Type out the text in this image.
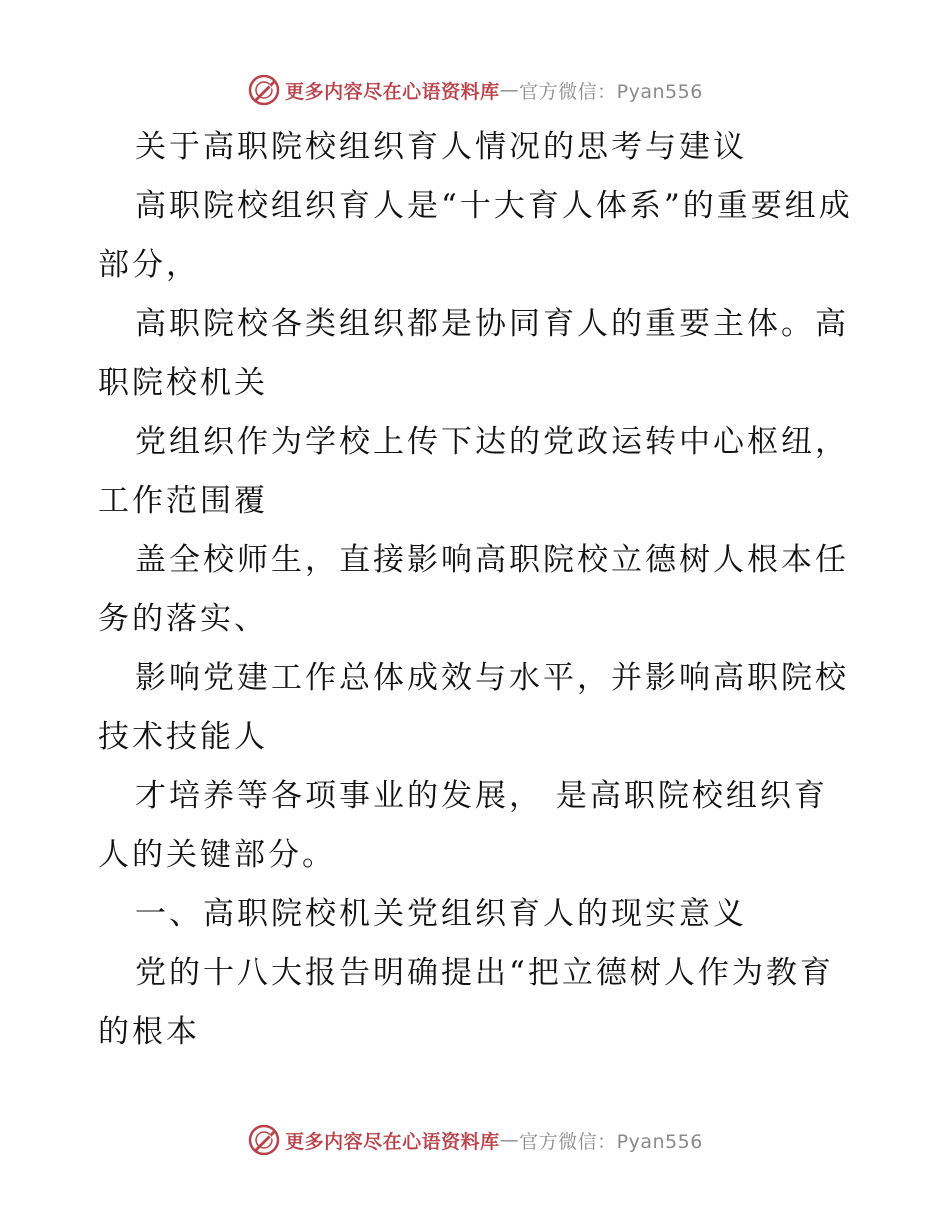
更多内容尽在心语资料库 — 官方微信：Pyan556

关于高职院校组织育人情况的思考与建议

高职院校组织育人是“十大育人体系”的重要组成部分，

高职院校各类组织都是协同育人的重要主体。高职院校机关

党组织作为学校上传下达的党政运转中心枢纽，工作范围覆

盖全校师生，直接影响高职院校立德树人根本任务的落实、

影响党建工作总体成效与水平，并影响高职院校技术技能人

才培养等各项事业的发展， 是高职院校组织育人的关键部分。

一、高职院校机关党组织育人的现实意义

党的十八大报告明确提出“把立德树人作为教育的根本

更多内容尽在心语资料库 — 官方微信：Pyan556
